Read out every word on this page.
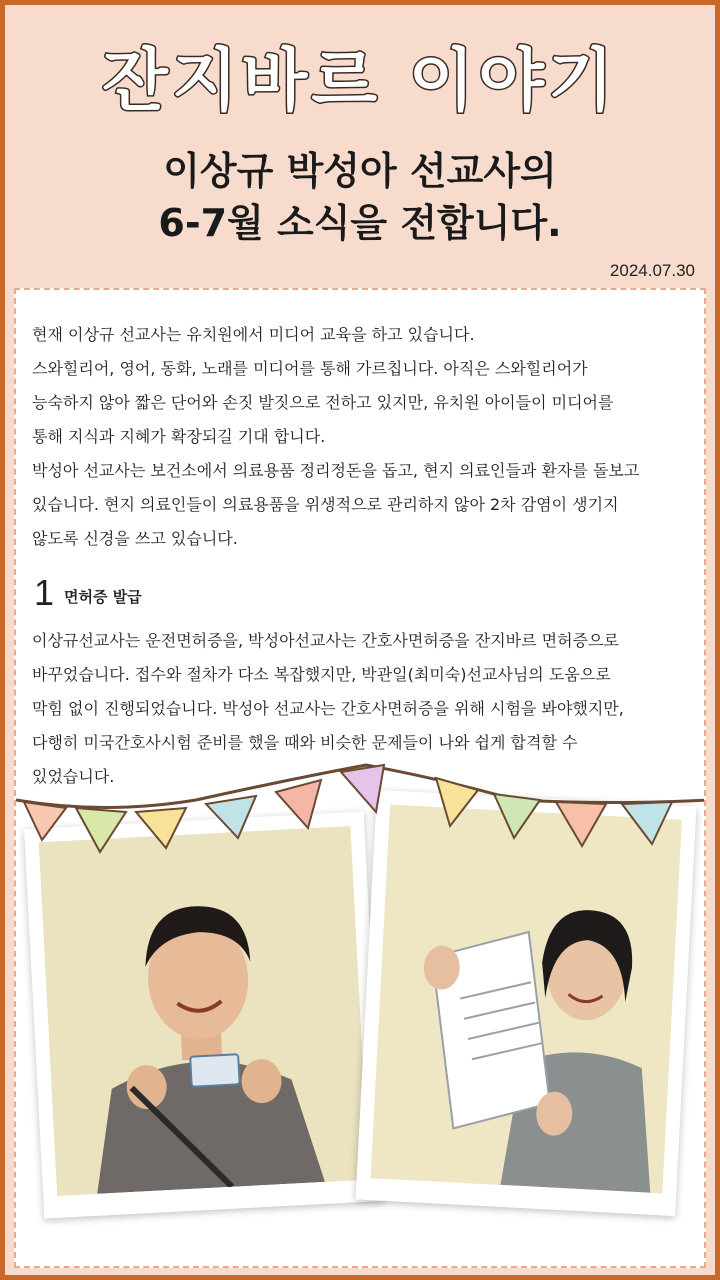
잔지바르 이야기
이상규 박성아 선교사의
6-7월 소식을 전합니다.
2024.07.30
현재 이상규 선교사는 유치원에서 미디어 교육을 하고 있습니다.
스와힐리어, 영어, 동화, 노래를 미디어를 통해 가르칩니다. 아직은 스와힐리어가
능숙하지 않아 짧은 단어와 손짓 발짓으로 전하고 있지만, 유치원 아이들이 미디어를
통해 지식과 지혜가 확장되길 기대 합니다.
박성아 선교사는 보건소에서 의료용품 정리정돈을 돕고, 현지 의료인들과 환자를 돌보고
있습니다. 현지 의료인들이 의료용품을 위생적으로 관리하지 않아 2차 감염이 생기지
않도록 신경을 쓰고 있습니다.
1 면허증 발급
이상규선교사는 운전면허증을, 박성아선교사는 간호사면허증을 잔지바르 면허증으로
바꾸었습니다. 접수와 절차가 다소 복잡했지만, 박관일(최미숙)선교사님의 도움으로
막힘 없이 진행되었습니다. 박성아 선교사는 간호사면허증을 위해 시험을 봐야했지만,
다행히 미국간호사시험 준비를 했을 때와 비슷한 문제들이 나와 쉽게 합격할 수
있었습니다.
